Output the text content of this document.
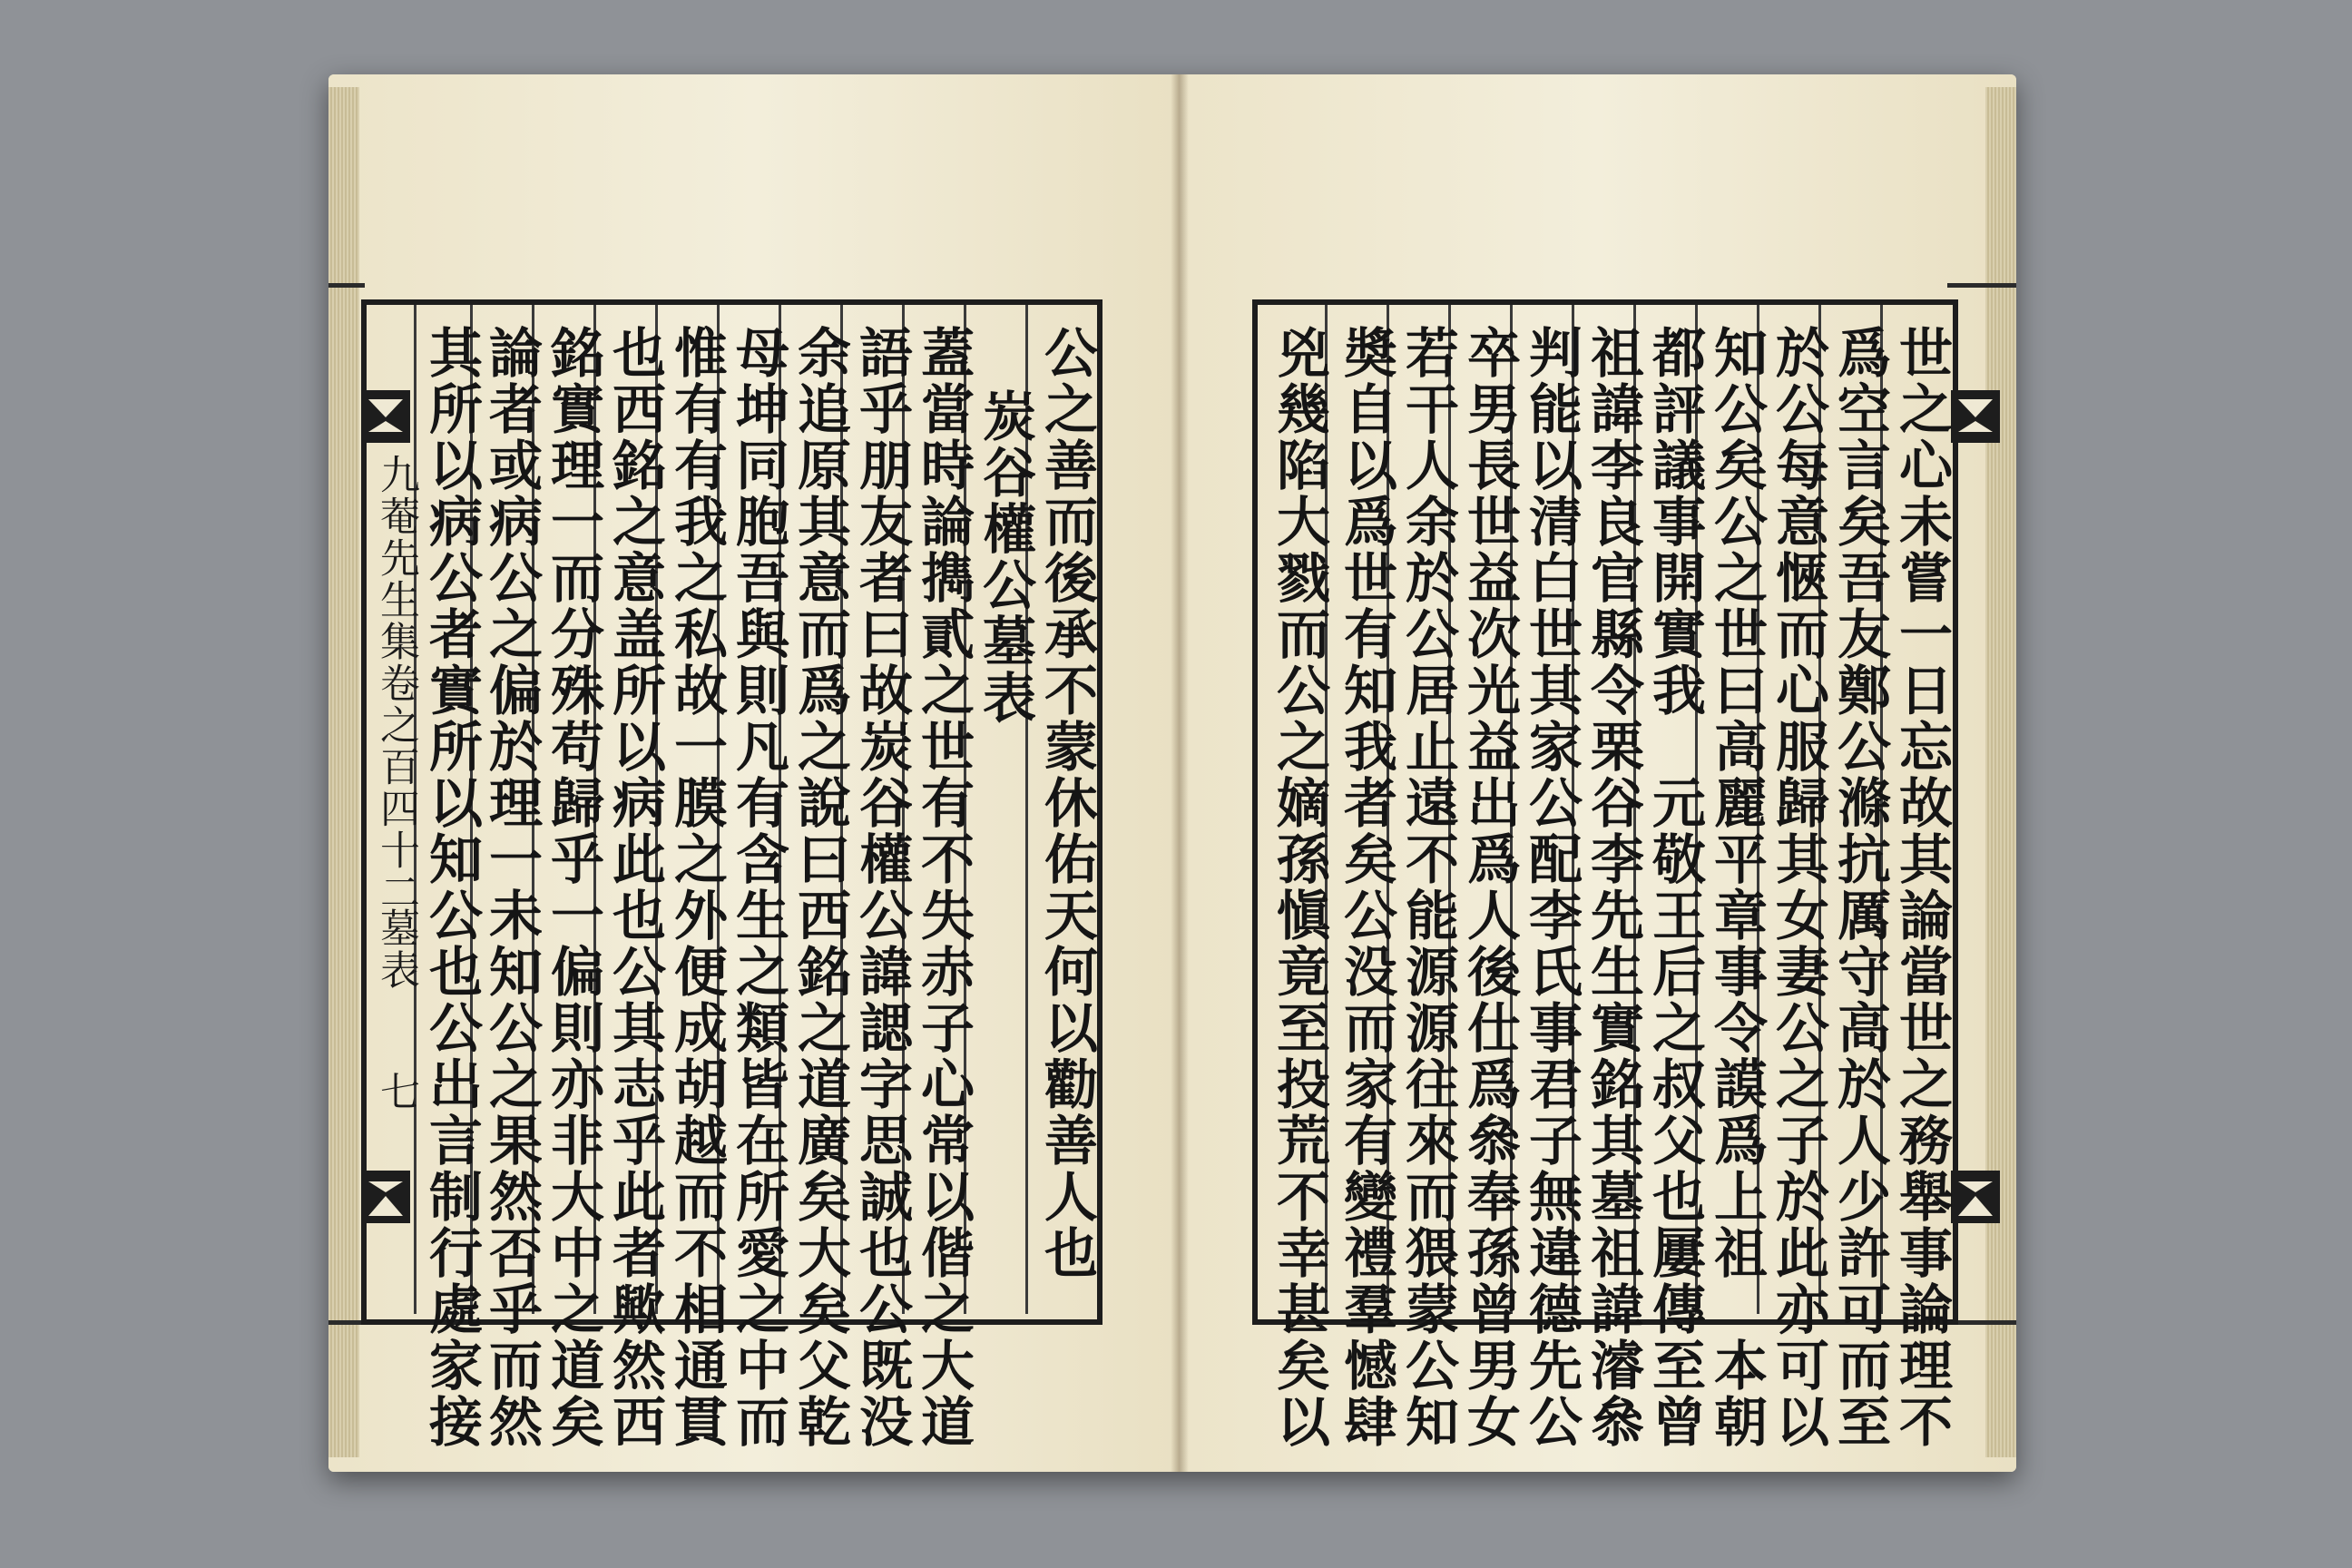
九菴先生集卷之百四十二
墓表
七	公之善而後承不蒙休佑天何以勸善人也
炭谷權公墓表
蓋當時論擕貳之世有不失赤子心常以偕之大道
語乎朋友者曰故炭谷權公諱諰字思誠也公既没
余追原其意而爲之說曰西銘之道廣矣大矣父乾
母坤同胞吾與則凡有含生之類皆在所愛之中而
惟有有我之私故一膜之外便成胡越而不相通貫
也西銘之意盖所以病此也公其志乎此者歟然西
銘實理一而分殊苟歸乎一偏則亦非大中之道矣
論者或病公之偏於理一未知公之果然否乎而然
其所以病公者實所以知公也公出言制行處家接	世之心未嘗一日忘故其論當世之務舉事論理不
爲空言矣吾友鄭公滌抗厲守高於人少許可而至
於公每意愜而心服歸其女妻公之子於此亦可以
知公矣公之世曰高麗平章事令謨爲上祖　本朝
都評議事開實我　元敬王后之叔父也屢傳至曾
祖諱李良官縣令栗谷李先生實銘其墓祖諱濬叅
判能以清白世其家公配李氏事君子無違德先公
卒男長世益次光益出爲人後仕爲叅奉孫曾男女
若干人余於公居止遠不能源源往來而猥蒙公知
奬自以爲世有知我者矣公没而家有變禮羣憾肆
兇幾陷大戮而公之嫡孫愼竟至投荒不幸甚矣以
